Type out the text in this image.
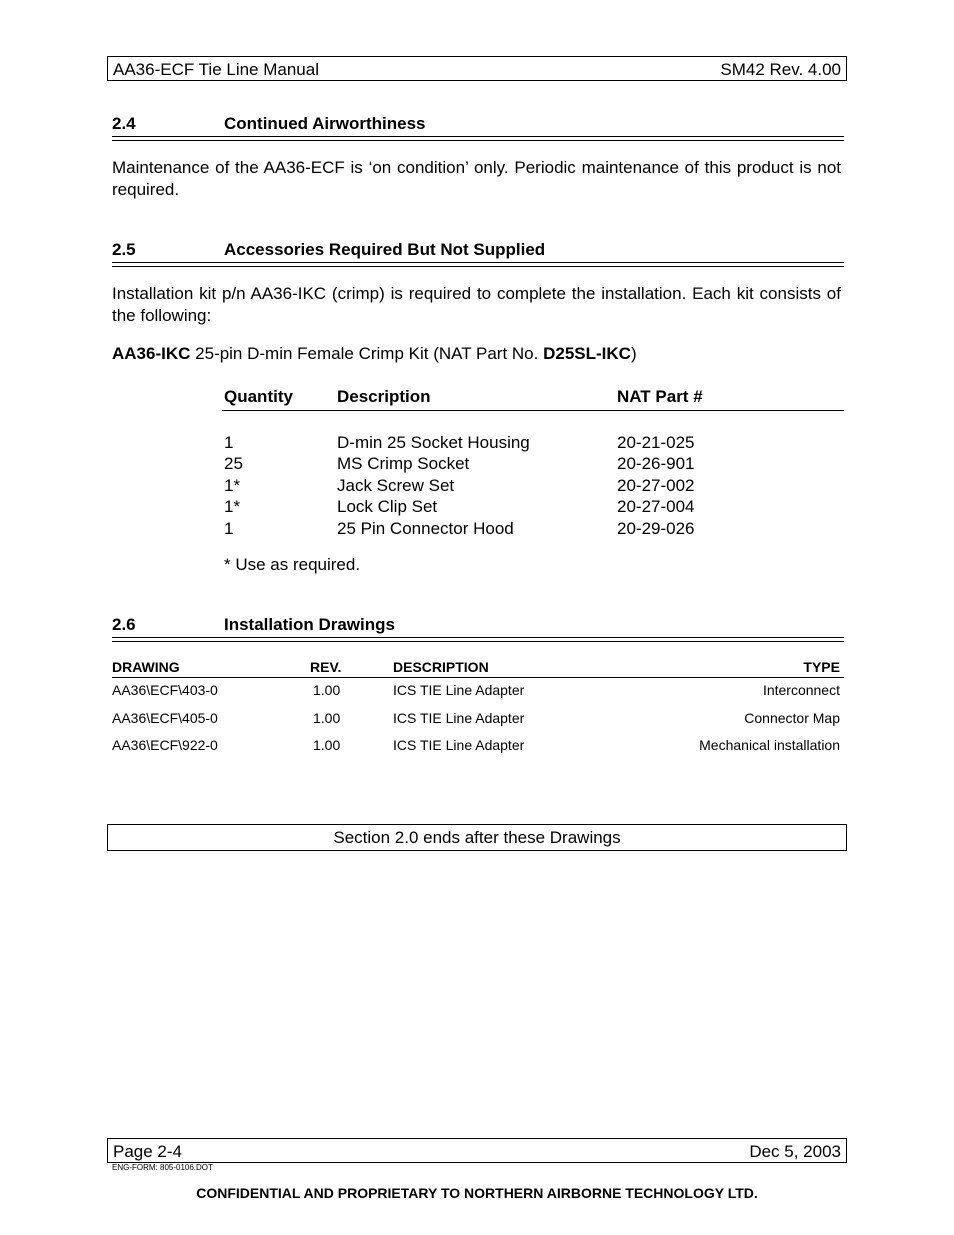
AA36-ECF Tie Line Manual	SM42 Rev. 4.00
2.4	Continued Airworthiness
Maintenance of the AA36-ECF is ‘on condition’ only. Periodic maintenance of this product is not required.
2.5	Accessories Required But Not Supplied
Installation kit p/n AA36-IKC (crimp) is required to complete the installation. Each kit consists of the following:
AA36-IKC 25-pin D-min Female Crimp Kit (NAT Part No. D25SL-IKC)
Quantity	Description	NAT Part #
1	D-min 25 Socket Housing	20-21-025
25	MS Crimp Socket	20-26-901
1*	Jack Screw Set	20-27-002
1*	Lock Clip Set	20-27-004
1	25 Pin Connector Hood	20-29-026
* Use as required.
2.6	Installation Drawings
DRAWING	REV.	DESCRIPTION	TYPE
AA36\ECF\403-0	1.00	ICS TIE Line Adapter	Interconnect
AA36\ECF\405-0	1.00	ICS TIE Line Adapter	Connector Map
AA36\ECF\922-0	1.00	ICS TIE Line Adapter	Mechanical installation
Section 2.0 ends after these Drawings
Page 2-4	Dec 5, 2003
ENG-FORM: 805-0106.DOT
CONFIDENTIAL AND PROPRIETARY TO NORTHERN AIRBORNE TECHNOLOGY LTD.
